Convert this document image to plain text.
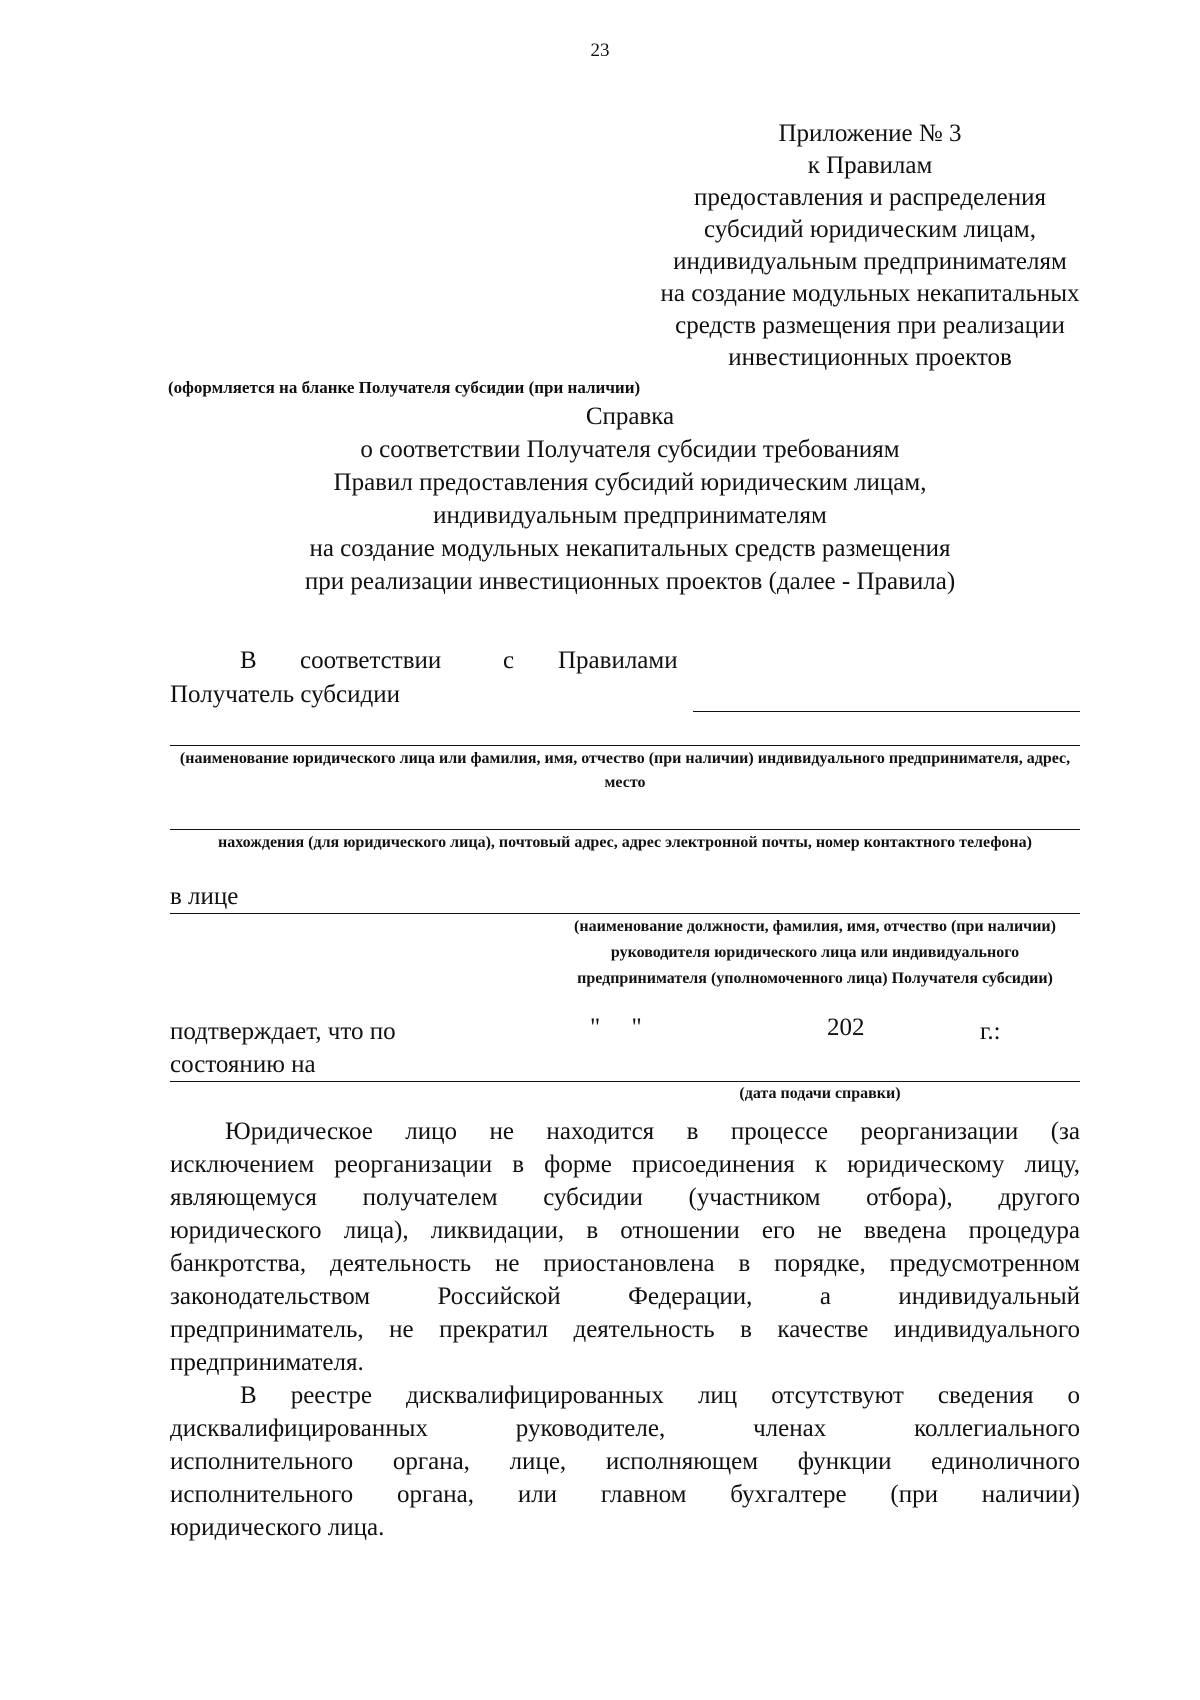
23
Приложение № 3
к Правилам
предоставления и распределения
субсидий юридическим лицам,
индивидуальным предпринимателям
на создание модульных некапитальных
средств размещения при реализации
инвестиционных проектов
(оформляется на бланке Получателя субсидии (при наличии)
Справка
о соответствии Получателя субсидии требованиям
Правил предоставления субсидий юридическим лицам,
индивидуальным предпринимателям
на создание модульных некапитальных средств размещения
при реализации инвестиционных проектов (далее - Правила)
В соответствии с Правилами
Получатель субсидии
(наименование юридического лица или фамилия, имя, отчество (при наличии) индивидуального предпринимателя, адрес, место
нахождения (для юридического лица), почтовый адрес, адрес электронной почты, номер контактного телефона)
в лице
(наименование должности, фамилия, имя, отчество (при наличии) руководителя юридического лица или индивидуального предпринимателя (уполномоченного лица) Получателя субсидии)
подтверждает, что по
состоянию на
"     "	202	г.:
(дата подачи справки)
Юридическое лицо не находится в процессе реорганизации (за
исключением реорганизации в форме присоединения к юридическому лицу,
являющемуся получателем субсидии (участником отбора), другого
юридического лица), ликвидации, в отношении его не введена процедура
банкротства, деятельность не приостановлена в порядке, предусмотренном
законодательством Российской Федерации, а индивидуальный
предприниматель, не прекратил деятельность в качестве индивидуального
предпринимателя.
В реестре дисквалифицированных лиц отсутствуют сведения о
дисквалифицированных руководителе, членах коллегиального
исполнительного органа, лице, исполняющем функции единоличного
исполнительного органа, или главном бухгалтере (при наличии)
юридического лица.
